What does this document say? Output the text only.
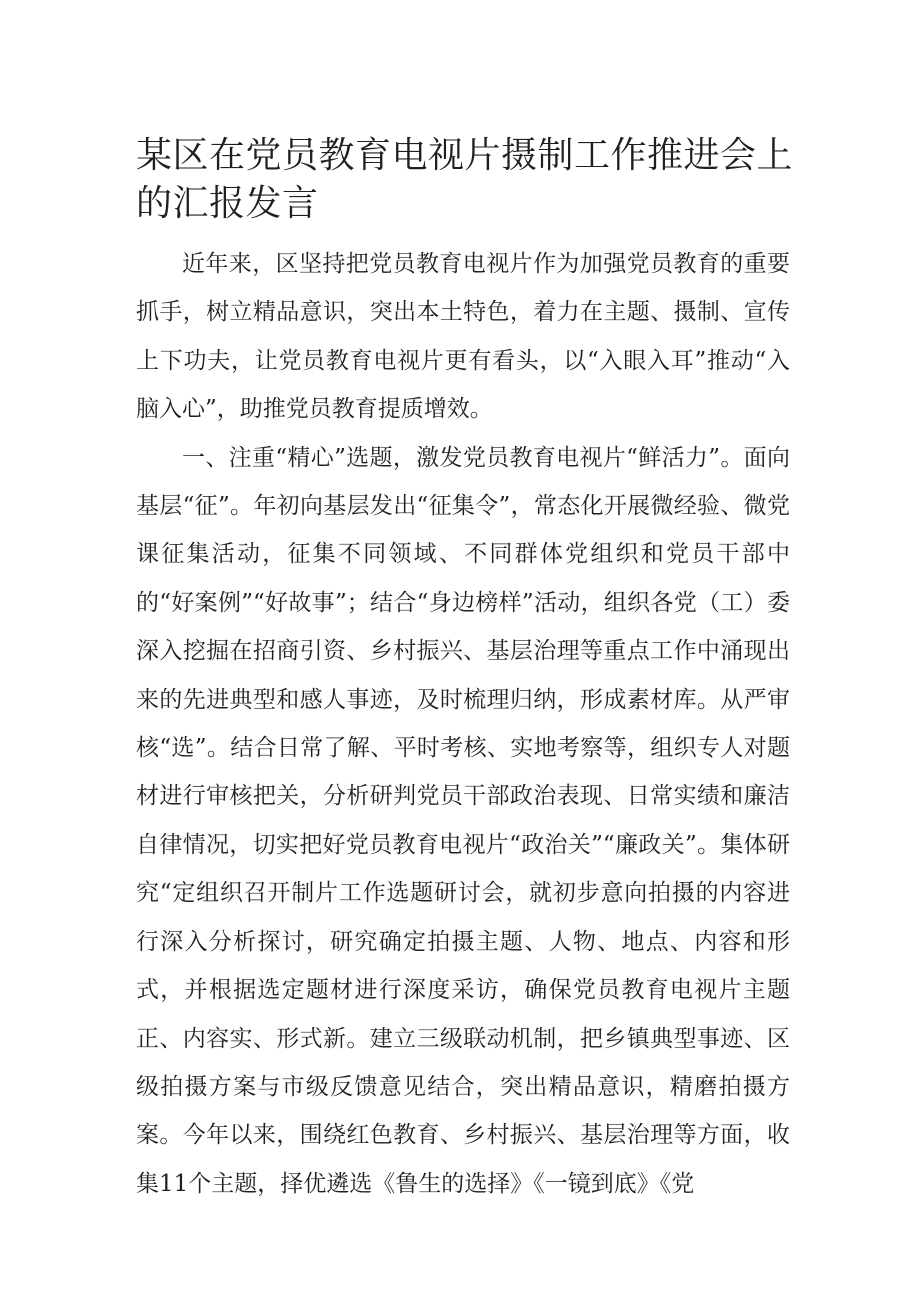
某区在党员教育电视片摄制工作推进会上的汇报发言

近年来，区坚持把党员教育电视片作为加强党员教育的重要抓手，树立精品意识，突出本土特色，着力在主题、摄制、宣传上下功夫，让党员教育电视片更有看头，以“入眼入耳”推动“入脑入心”，助推党员教育提质增效。

一、注重“精心”选题，激发党员教育电视片“鲜活力”。面向基层“征”。年初向基层发出“征集令”，常态化开展微经验、微党课征集活动，征集不同领域、不同群体党组织和党员干部中的“好案例”“好故事”；结合“身边榜样”活动，组织各党（工）委深入挖掘在招商引资、乡村振兴、基层治理等重点工作中涌现出来的先进典型和感人事迹，及时梳理归纳，形成素材库。从严审核“选”。结合日常了解、平时考核、实地考察等，组织专人对题材进行审核把关，分析研判党员干部政治表现、日常实绩和廉洁自律情况，切实把好党员教育电视片“政治关”“廉政关”。集体研究“定组织召开制片工作选题研讨会，就初步意向拍摄的内容进行深入分析探讨，研究确定拍摄主题、人物、地点、内容和形式，并根据选定题材进行深度采访，确保党员教育电视片主题正、内容实、形式新。建立三级联动机制，把乡镇典型事迹、区级拍摄方案与市级反馈意见结合，突出精品意识，精磨拍摄方案。今年以来，围绕红色教育、乡村振兴、基层治理等方面，收集11个主题，择优遴选《鲁生的选择》《一镜到底》《党
